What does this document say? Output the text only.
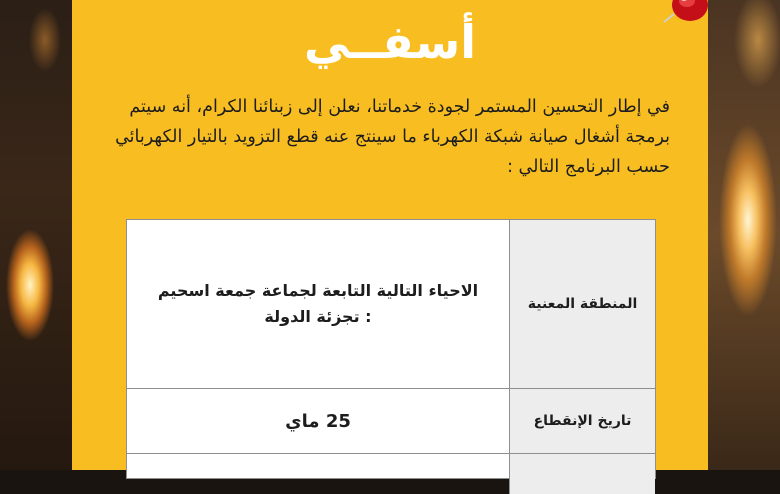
أسفــي
في إطار التحسين المستمر لجودة خدماتنا، نعلن إلى زبنائنا الكرام، أنه سيتم برمجة أشغال صيانة شبكة الكهرباء ما سينتج عنه قطع التزويد بالتيار الكهربائي حسب البرنامج التالي :
المنطقة المعنية
الاحياء التالية التابعة لجماعة جمعة اسحيم : تجزئة الدولة
تاريخ الإنقطاع
25 ماي
